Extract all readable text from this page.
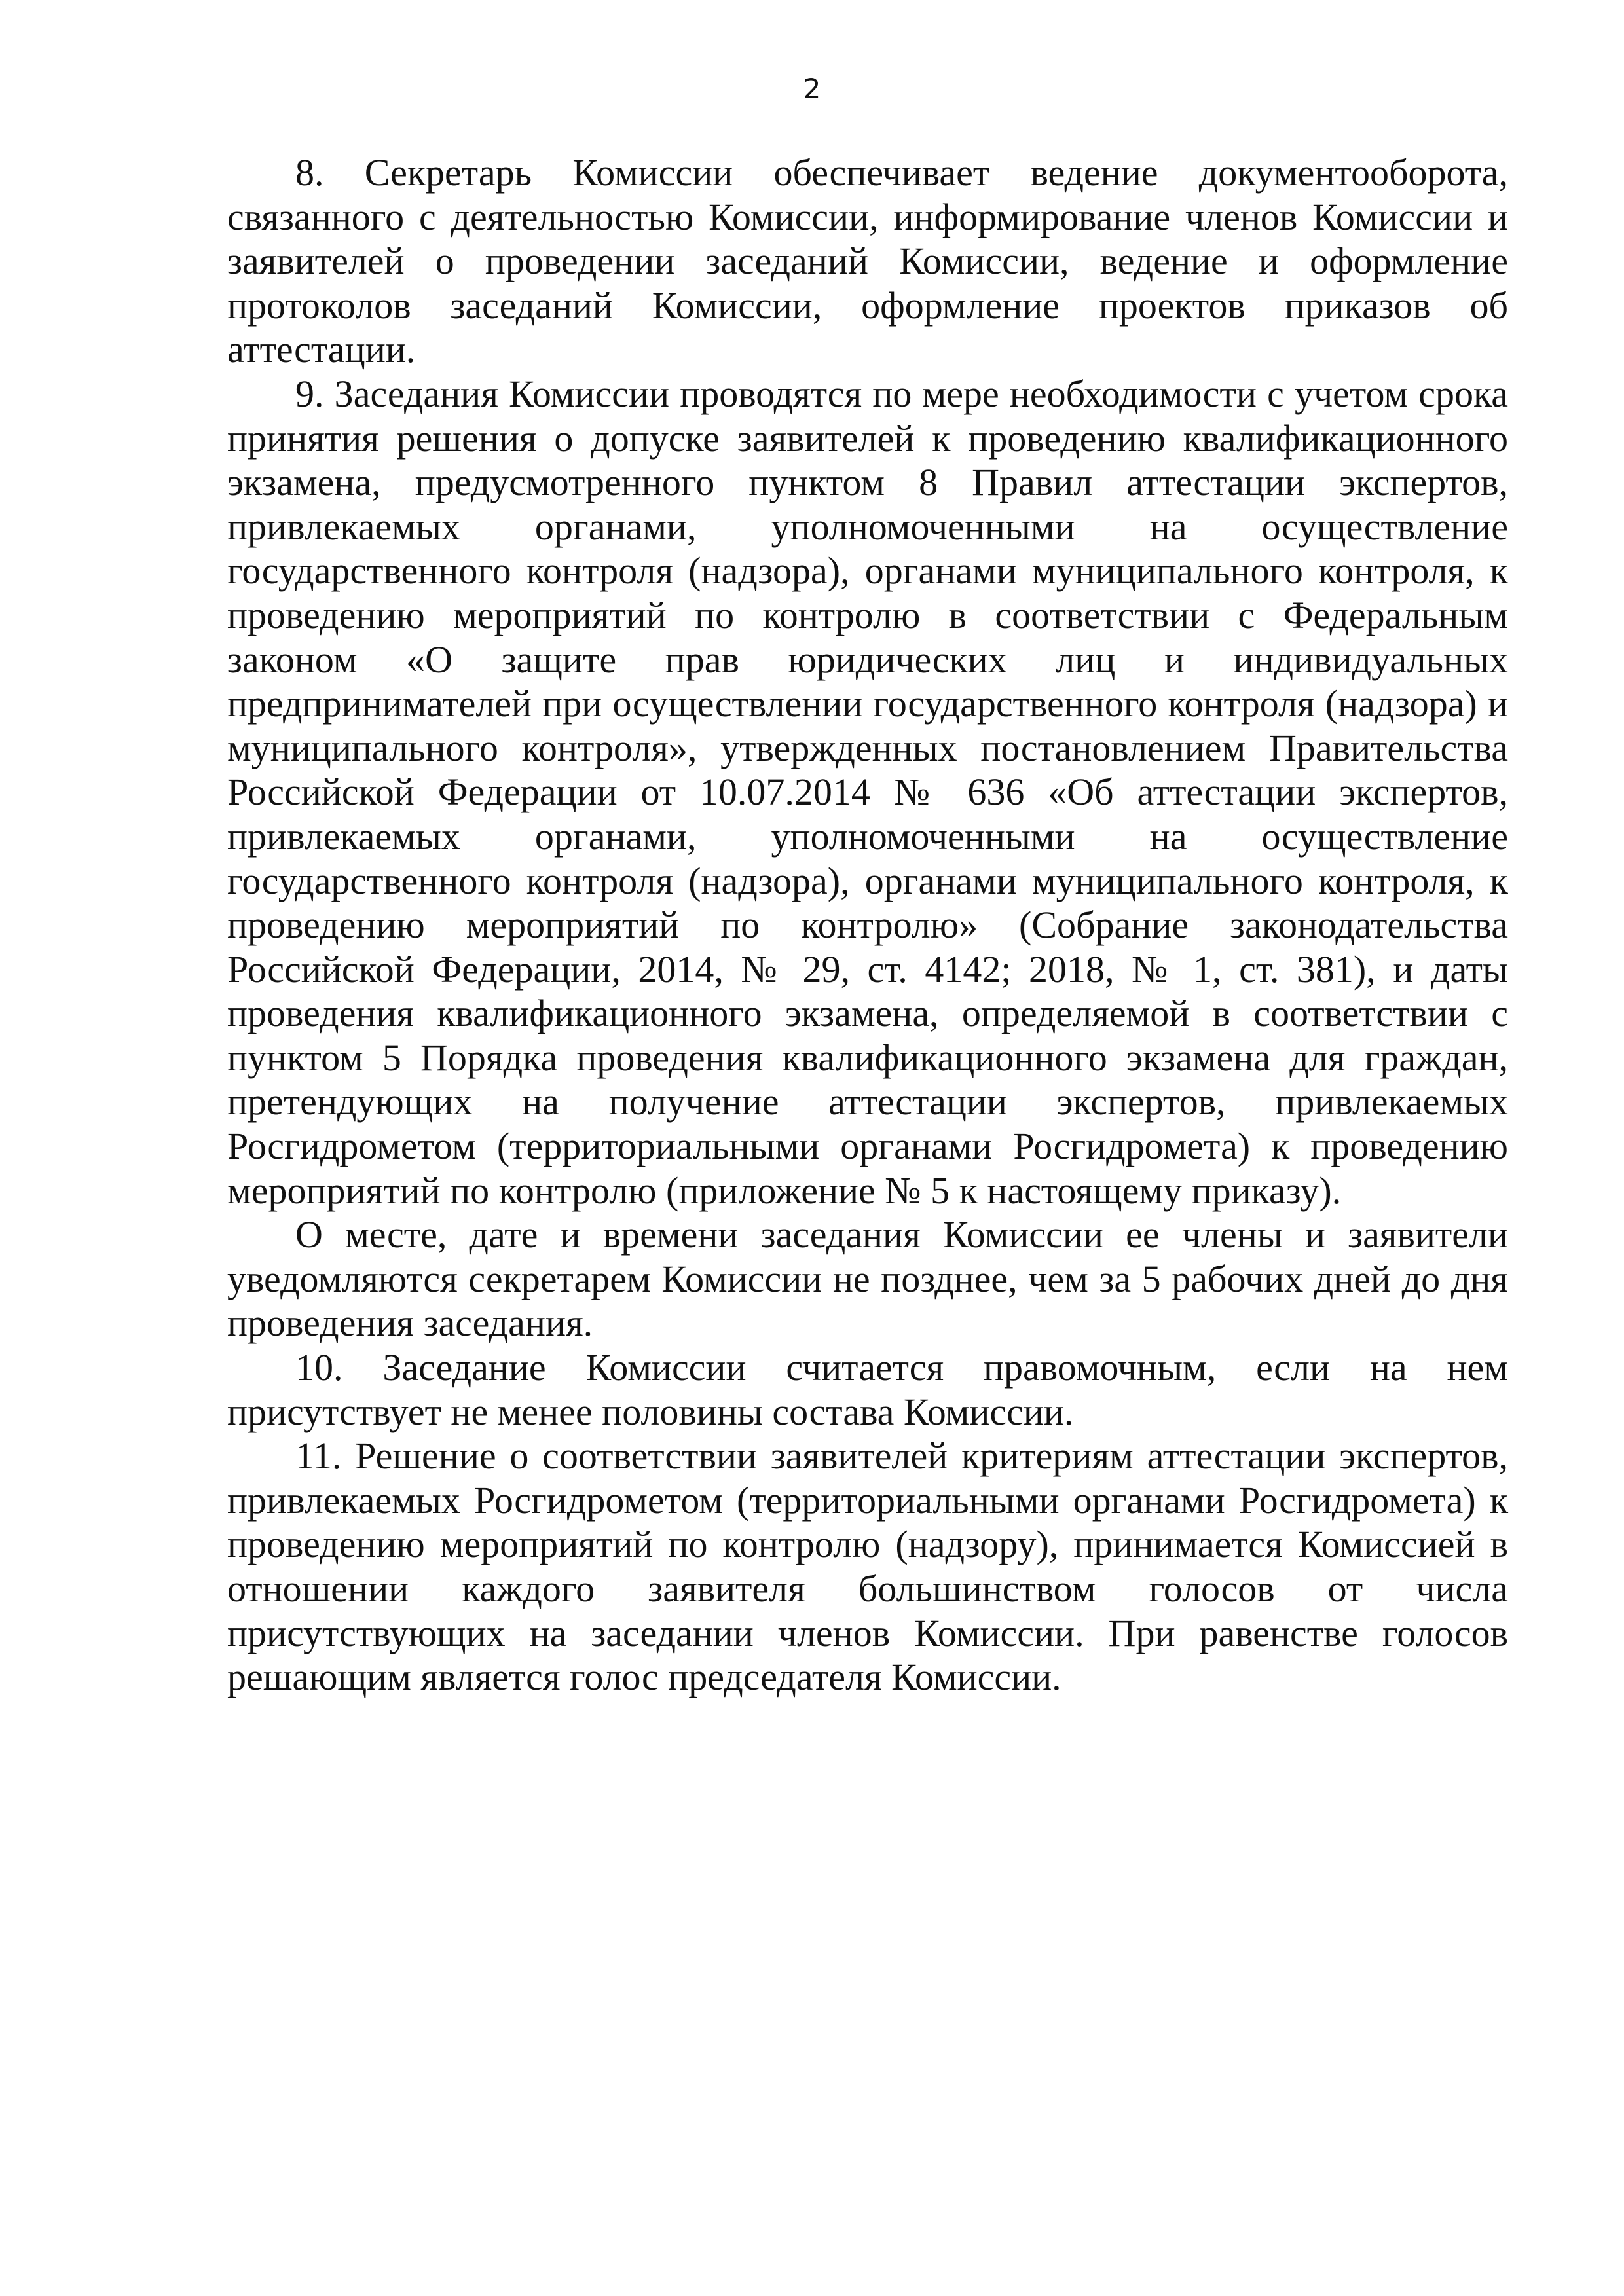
2

8. Секретарь Комиссии обеспечивает ведение документооборота, связанного с деятельностью Комиссии, информирование членов Комиссии и заявителей о проведении заседаний Комиссии, ведение и оформление протоколов заседаний Комиссии, оформление проектов приказов об аттестации.

9. Заседания Комиссии проводятся по мере необходимости с учетом срока принятия решения о допуске заявителей к проведению квалификационного экзамена, предусмотренного пунктом 8 Правил аттестации экспертов, привлекаемых органами, уполномоченными на осуществление государственного контроля (надзора), органами муниципального контроля, к проведению мероприятий по контролю в соответствии с Федеральным законом «О защите прав юридических лиц и индивидуальных предпринимателей при осуществлении государственного контроля (надзора) и муниципального контроля», утвержденных постановлением Правительства Российской Федерации от 10.07.2014 № 636 «Об аттестации экспертов, привлекаемых органами, уполномоченными на осуществление государственного контроля (надзора), органами муниципального контроля, к проведению мероприятий по контролю» (Собрание законодательства Российской Федерации, 2014, № 29, ст. 4142; 2018, № 1, ст. 381), и даты проведения квалификационного экзамена, определяемой в соответствии с пунктом 5 Порядка проведения квалификационного экзамена для граждан, претендующих на получение аттестации экспертов, привлекаемых Росгидрометом (территориальными органами Росгидромета) к проведению мероприятий по контролю (приложение № 5 к настоящему приказу).

О месте, дате и времени заседания Комиссии ее члены и заявители уведомляются секретарем Комиссии не позднее, чем за 5 рабочих дней до дня проведения заседания.

10. Заседание Комиссии считается правомочным, если на нем присутствует не менее половины состава Комиссии.

11. Решение о соответствии заявителей критериям аттестации экспертов, привлекаемых Росгидрометом (территориальными органами Росгидромета) к проведению мероприятий по контролю (надзору), принимается Комиссией в отношении каждого заявителя большинством голосов от числа присутствующих на заседании членов Комиссии. При равенстве голосов решающим является голос председателя Комиссии.
